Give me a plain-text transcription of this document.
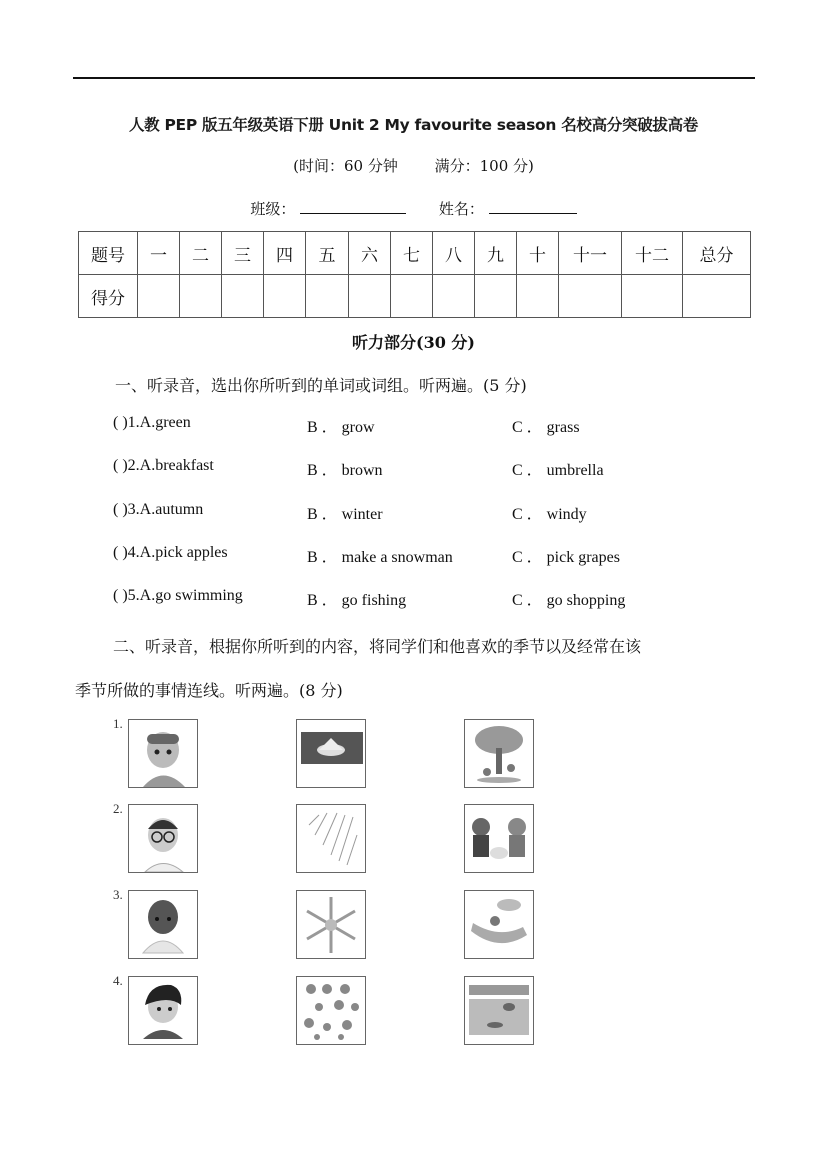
人教 PEP 版五年级英语下册 Unit 2 My favourite season 名校高分突破拔高卷
(时间：60 分钟 满分：100 分)
班级：	姓名：
题号	一	二	三	四	五	六	七	八	九	十	十一	十二	总分
得分													
听力部分(30 分)
一、听录音，选出你所听到的单词或词组。听两遍。(5 分)
( )1.A.green	B ． grow	C ． grass
( )2.A.breakfast	B ． brown	C ． umbrella
( )3.A.autumn	B ． winter	C ． windy
( )4.A.pick apples	B ． make a snowman	C ． pick grapes
( )5.A.go swimming	B ． go fishing	C ． go shopping
二、听录音，根据你所听到的内容，将同学们和他喜欢的季节以及经常在该
季节所做的事情连线。听两遍。(8 分)
1.
2.
3.
4.
